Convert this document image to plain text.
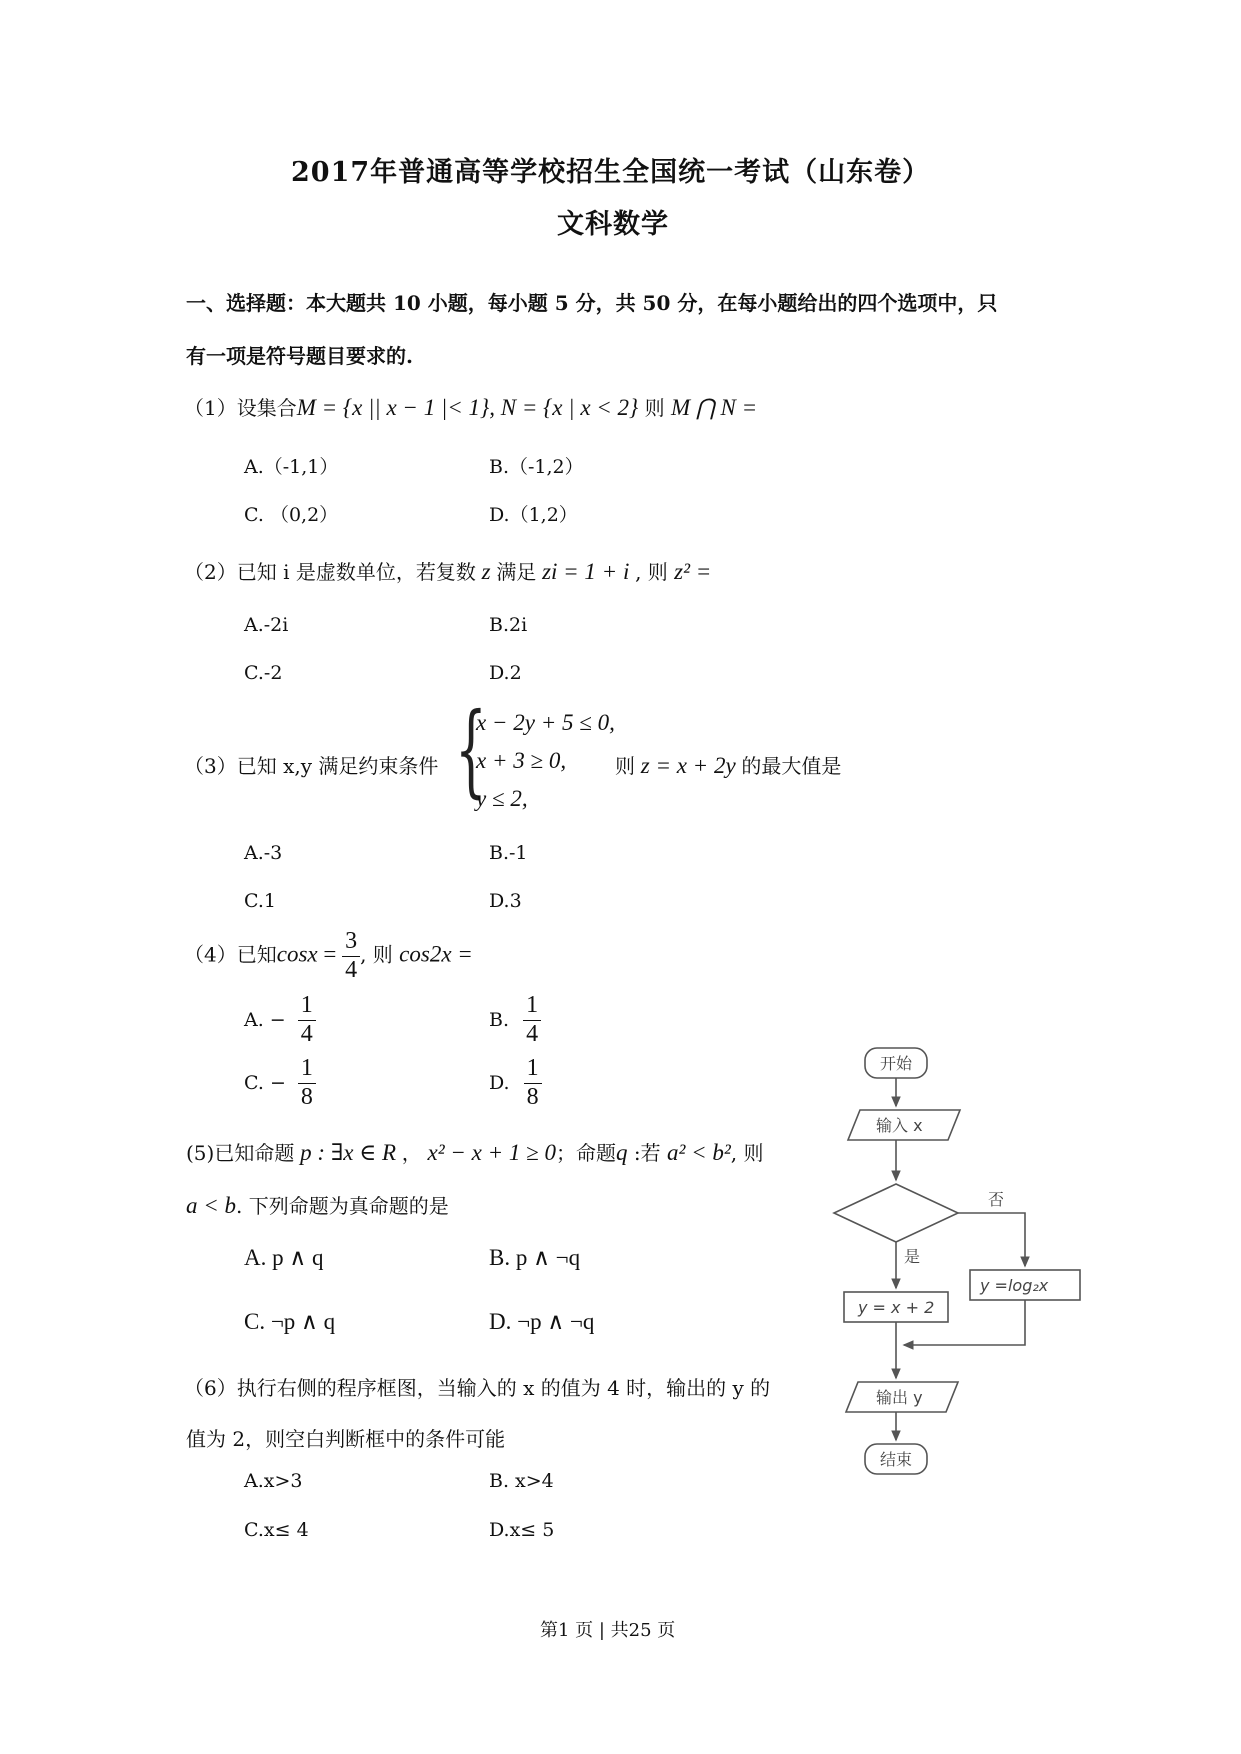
2017年普通高等学校招生全国统一考试（山东卷）
文科数学
一、选择题：本大题共 10 小题，每小题 5 分，共 50 分，在每小题给出的四个选项中，只
有一项是符号题目要求的.
（1）设集合M = {x || x − 1 |< 1}, N = {x | x < 2} 则 M ⋂ N =
A.（-1,1）	B.（-1,2）
C. （0,2）	D.（1,2）
（2）已知 i 是虚数单位，若复数 z 满足 zi = 1 + i , 则 z² =
A.-2i	B.2i
C.-2	D.2
（3）已知 x,y 满足约束条件 {
x − 2y + 5 ≤ 0,
x + 3 ≥ 0,
y ≤ 2,
则 z = x + 2y 的最大值是
A.-3	B.-1
C.1	D.3
（4）已知$\cos x = \frac{3}{4}$ , 则 cos2x =
A. − $\frac{1}{4}$	B. $\frac{1}{4}$
C. − $\frac{1}{8}$	D. $\frac{1}{8}$
(5)已知命题 p : ∃x ∈ R ， x² − x + 1 ≥ 0；命题q :若 a² < b², 则
a < b. 下列命题为真命题的是
A. p ∧ q	B. p ∧ ¬q
C. ¬p ∧ q	D. ¬p ∧ ¬q
（6）执行右侧的程序框图，当输入的 x 的值为 4 时，输出的 y 的
值为 2，则空白判断框中的条件可能
A.x>3	B. x>4
C.x≤ 4	D.x≤ 5
开始
输入 x
否
是
y = x + 2
y =log₂x
输出 y
结束
第1 页 | 共25 页
